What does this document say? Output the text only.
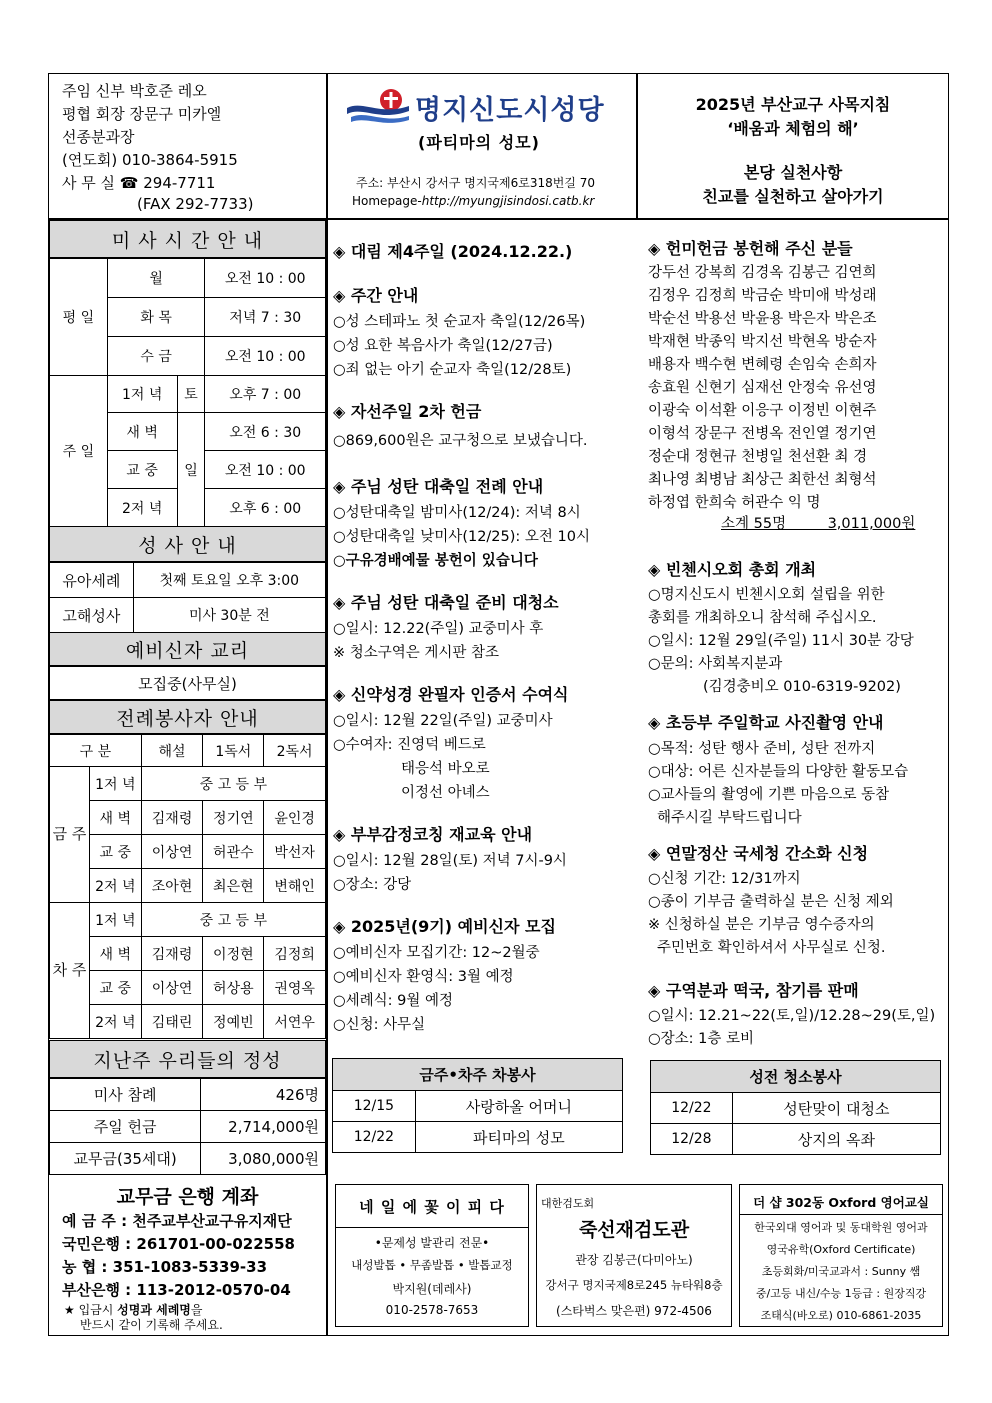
주임 신부 박호준 레오
평협 회장 장문구 미카엘
선종분과장
(연도회) 010-3864-5915
사 무 실 ☎ 294-7711
(FAX 292-7733)
명지신도시성당
(파티마의 성모)
주소: 부산시 강서구 명지국제6로318번길 70
Homepage-http://myungjisindosi.catb.kr
2025년 부산교구 사목지침
‘배움과 체험의 해’
본당 실천사항
친교를 실천하고 살아가기
미 사 시 간 안 내
평 일	월		오전 10 : 00
	화 목		저녁 7 : 30
	수 금		오전 10 : 00
주 일	1저 녁	토	오후 7 : 00
	새 벽	일	오전 6 : 30
	교 중		오전 10 : 00
	2저 녁		오후 6 : 00
성 사 안 내
유아세례	첫째 토요일 오후 3:00
고해성사	미사 30분 전
예비신자 교리
모집중(사무실)
전례봉사자 안내
구 분		해설	1독서	2독서
금 주	1저 녁	중 고 등 부		
	새 벽	김재령	정기연	윤인경
	교 중	이상연	허관수	박선자
	2저 녁	조아현	최은현	변해인
차 주	1저 녁	중 고 등 부		
	새 벽	김재령	이정현	김정희
	교 중	이상연	허상용	권영옥
	2저 녁	김태린	정예빈	서연우
지난주 우리들의 정성
미사 참례	426명
주일 헌금	2,714,000원
교무금(35세대)	3,080,000원
교무금 은행 계좌
예 금 주 : 천주교부산교구유지재단
국민은행 : 261701-00-022558
농 협 : 351-1083-5339-33
부산은행 : 113-2012-0570-04
★ 입금시 성명과 세례명을
반드시 같이 기록해 주세요.
◈ 대림 제4주일 (2024.12.22.)
◈ 주간 안내
○성 스테파노 첫 순교자 축일(12/26목)
○성 요한 복음사가 축일(12/27금)
○죄 없는 아기 순교자 축일(12/28토)
◈ 자선주일 2차 헌금
○869,600원은 교구청으로 보냈습니다.
◈ 주님 성탄 대축일 전례 안내
○성탄대축일 밤미사(12/24): 저녁 8시
○성탄대축일 낮미사(12/25): 오전 10시
○구유경배예물 봉헌이 있습니다
◈ 주님 성탄 대축일 준비 대청소
○일시: 12.22(주일) 교중미사 후
※ 청소구역은 게시판 참조
◈ 신약성경 완필자 인증서 수여식
○일시: 12월 22일(주일) 교중미사
○수여자: 진영덕 베드로
태응석 바오로
이정선 아녜스
◈ 부부감정코칭 재교육 안내
○일시: 12월 28일(토) 저녁 7시-9시
○장소: 강당
◈ 2025년(9기) 예비신자 모집
○예비신자 모집기간: 12~2월중
○예비신자 환영식: 3월 예정
○세례식: 9월 예정
○신청: 사무실
◈ 헌미헌금 봉헌해 주신 분들
강두선 강복희 김경옥 김봉근 김연희
김정우 김정희 박금순 박미애 박성래
박순선 박용선 박윤용 박은자 박은조
박재현 박종익 박지선 박현옥 방순자
배용자 백수현 변혜령 손임숙 손희자
송효원 신현기 심재선 안정숙 유선영
이광숙 이석환 이응구 이정빈 이현주
이형석 장문구 전병옥 전인열 정기연
정순대 정현규 천병일 천선환 최 경
최나영 최병남 최상근 최한선 최형석
하정엽 한희숙 허관수 익 명
소계 55명         3,011,000원
◈ 빈첸시오회 총회 개최
○명지신도시 빈첸시오회 설립을 위한
총회를 개최하오니 참석해 주십시오.
○일시: 12월 29일(주일) 11시 30분 강당
○문의: 사회복지분과
(김경충비오 010-6319-9202)
◈ 초등부 주일학교 사진촬영 안내
○목적: 성탄 행사 준비, 성탄 전까지
○대상: 어른 신자분들의 다양한 활동모습
○교사들의 촬영에 기쁜 마음으로 동참
해주시길 부탁드립니다
◈ 연말정산 국세청 간소화 신청
○신청 기간: 12/31까지
○종이 기부금 출력하실 분은 신청 제외
※ 신청하실 분은 기부금 영수증자의
주민번호 확인하셔서 사무실로 신청.
◈ 구역분과 떡국, 참기름 판매
○일시: 12.21~22(토,일)/12.28~29(토,일)
○장소: 1층 로비
금주•차주 차봉사	
12/15	사랑하올 어머니
12/22	파티마의 성모
성전 청소봉사	
12/22	성탄맞이 대청소
12/28	상지의 옥좌
네 일 에 꽃 이 피 다
•문제성 발관리 전문•
내성발톱 • 무좀발톱 • 발톱교정
박지원(데레사)
010-2578-7653
대한검도회
죽선재검도관
관장 김봉근(다미아노)
강서구 명지국제8로245 뉴타워8층
(스타벅스 맞은편) 972-4506
더 샵 302동 Oxford 영어교실
한국외대 영어과 및 동대학원 영어과
영국유학(Oxford Certificate)
초등회화/미국교과서 : Sunny 쌤
중/고등 내신/수능 1등급 : 원장직강
조태식(바오로) 010-6861-2035
